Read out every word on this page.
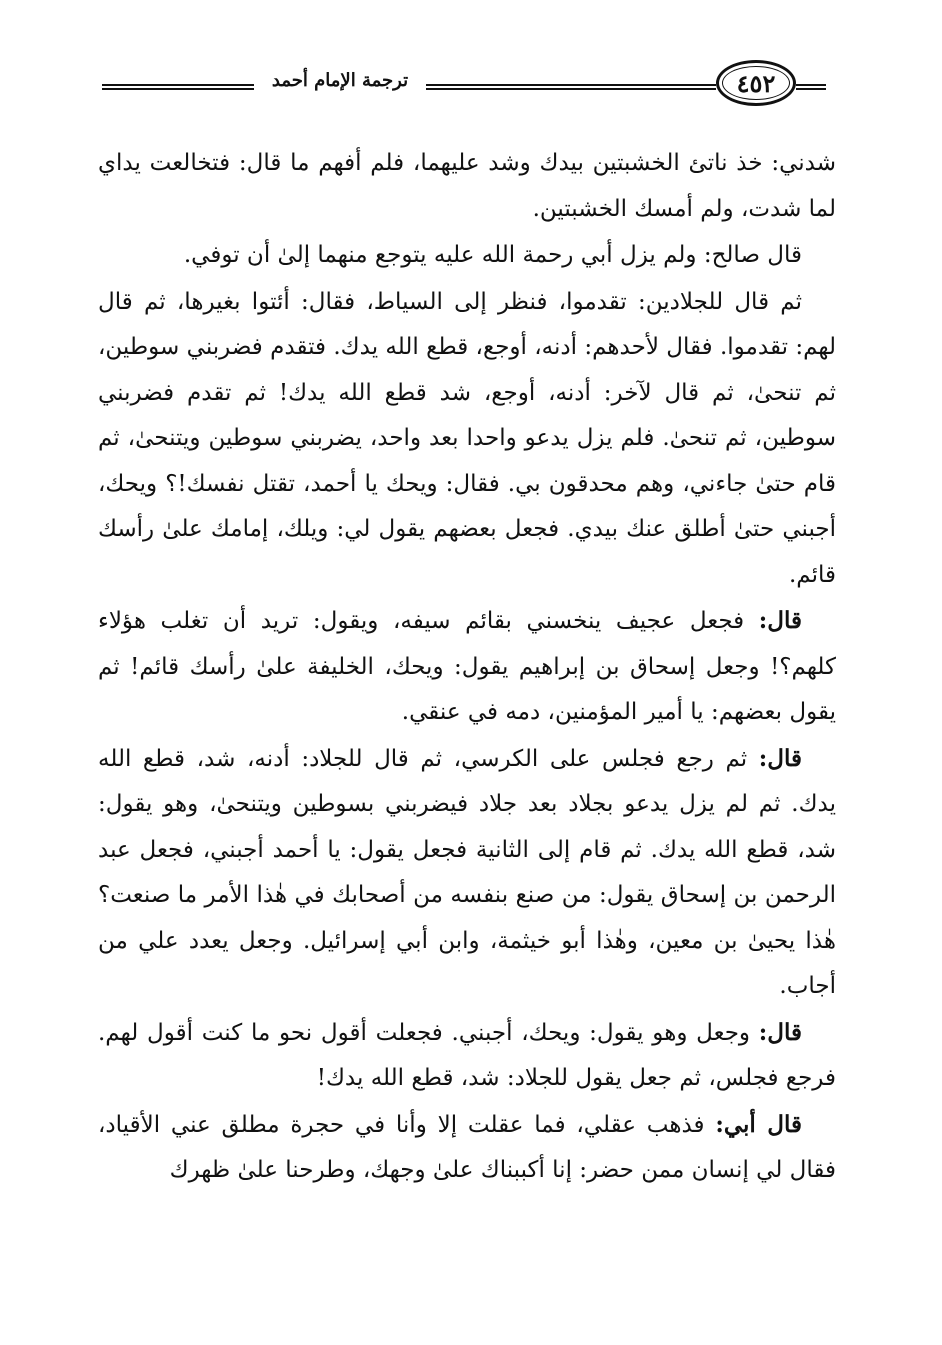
ترجمة الإمام أحمد	٤٥٢

شدني: خذ ناتئ الخشبتين بيدك وشد عليهما، فلم أفهم ما قال: فتخالعت يداي لما شدت، ولم أمسك الخشبتين.

قال صالح: ولم يزل أبي رحمة الله عليه يتوجع منهما إلىٰ أن توفي.

ثم قال للجلادين: تقدموا، فنظر إلى السياط، فقال: أئتوا بغيرها، ثم قال لهم: تقدموا. فقال لأحدهم: أدنه، أوجع، قطع الله يدك. فتقدم فضربني سوطين، ثم تنحىٰ، ثم قال لآخر: أدنه، أوجع، شد قطع الله يدك! ثم تقدم فضربني سوطين، ثم تنحىٰ. فلم يزل يدعو واحدا بعد واحد، يضربني سوطين ويتنحىٰ، ثم قام حتىٰ جاءني، وهم محدقون بي. فقال: ويحك يا أحمد، تقتل نفسك!؟ ويحك، أجبني حتىٰ أطلق عنك بيدي. فجعل بعضهم يقول لي: ويلك، إمامك علىٰ رأسك قائم.

قال: فجعل عجيف ينخسني بقائم سيفه، ويقول: تريد أن تغلب هؤلاء كلهم؟! وجعل إسحاق بن إبراهيم يقول: ويحك، الخليفة علىٰ رأسك قائم! ثم يقول بعضهم: يا أمير المؤمنين، دمه في عنقي.

قال: ثم رجع فجلس على الكرسي، ثم قال للجلاد: أدنه، شد، قطع الله يدك. ثم لم يزل يدعو بجلاد بعد جلاد فيضربني بسوطين ويتنحىٰ، وهو يقول: شد، قطع الله يدك. ثم قام إلى الثانية فجعل يقول: يا أحمد أجبني، فجعل عبد الرحمن بن إسحاق يقول: من صنع بنفسه من أصحابك في هٰذا الأمر ما صنعت؟ هٰذا يحيىٰ بن معين، وهٰذا أبو خيثمة، وابن أبي إسرائيل. وجعل يعدد علي من أجاب.

قال: وجعل وهو يقول: ويحك، أجبني. فجعلت أقول نحو ما كنت أقول لهم. فرجع فجلس، ثم جعل يقول للجلاد: شد، قطع الله يدك!

قال أبي: فذهب عقلي، فما عقلت إلا وأنا في حجرة مطلق عني الأقياد، فقال لي إنسان ممن حضر: إنا أكببناك علىٰ وجهك، وطرحنا علىٰ ظهرك
